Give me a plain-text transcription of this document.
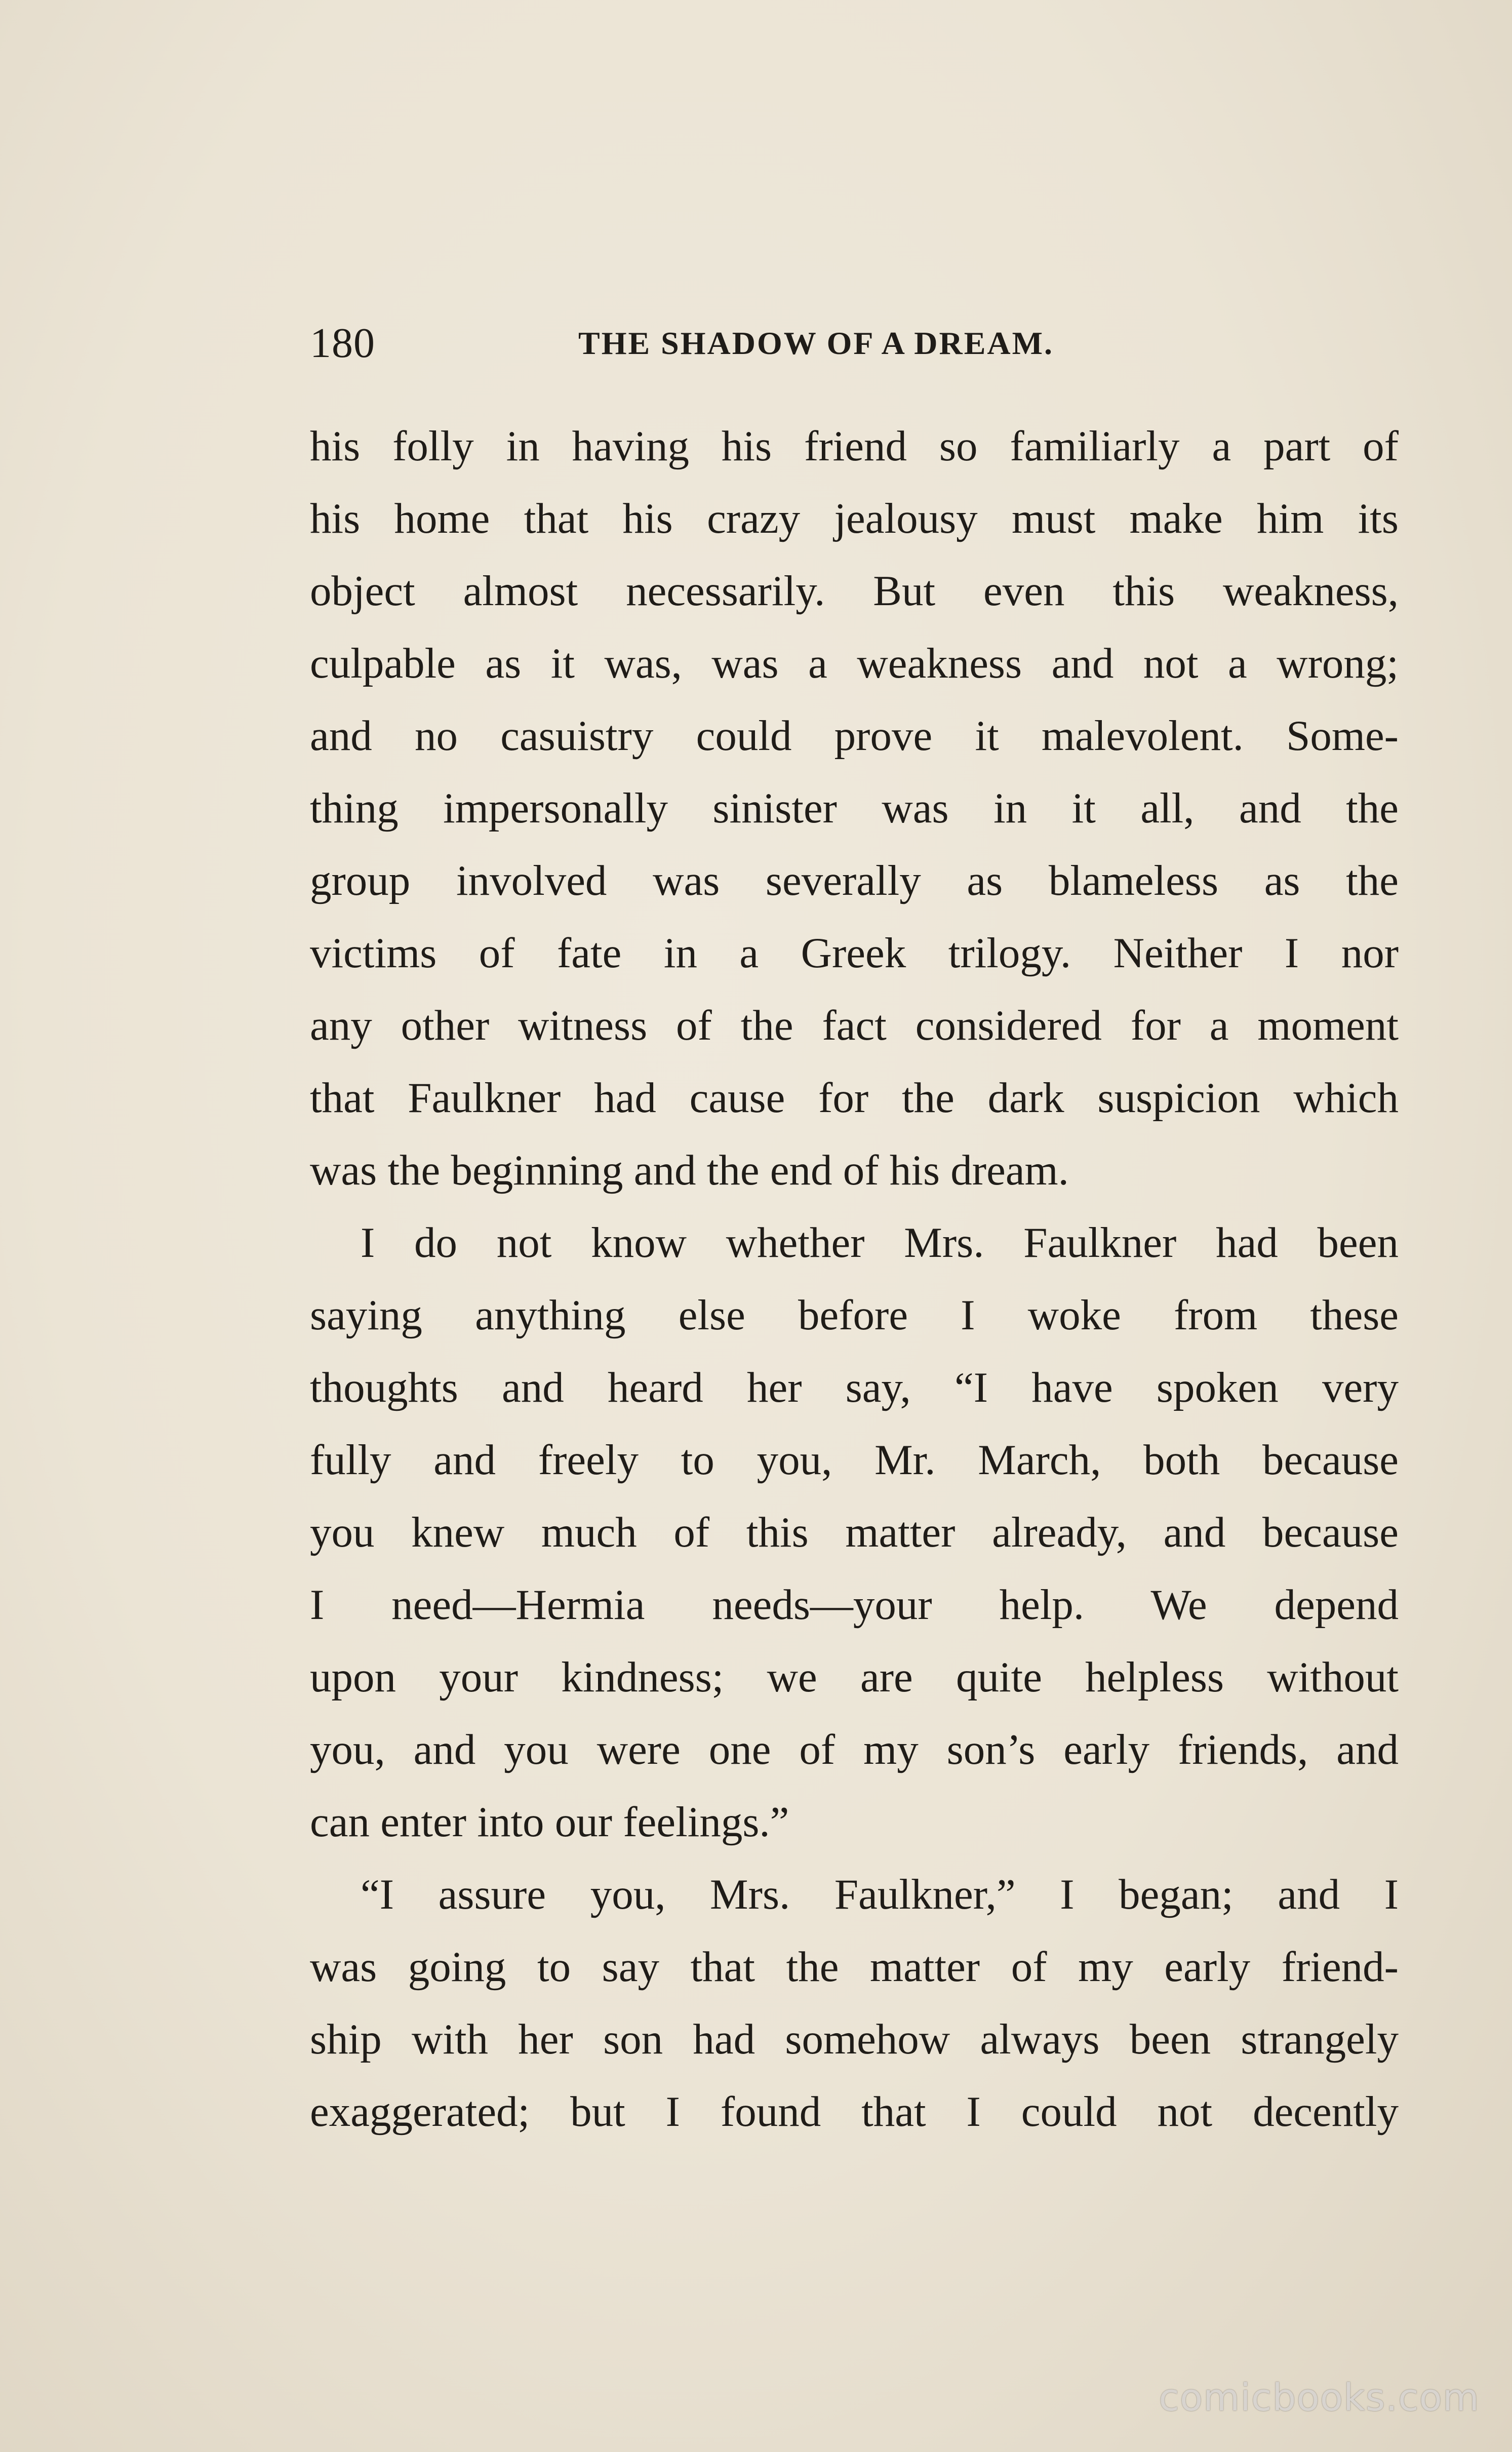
180	THE SHADOW OF A DREAM.
his folly in having his friend so familiarly a part of
his home that his crazy jealousy must make him its
object almost necessarily. But even this weakness,
culpable as it was, was a weakness and not a wrong;
and no casuistry could prove it malevolent. Some-
thing impersonally sinister was in it all, and the
group involved was severally as blameless as the
victims of fate in a Greek trilogy. Neither I nor
any other witness of the fact considered for a moment
that Faulkner had cause for the dark suspicion which
was the beginning and the end of his dream.
I do not know whether Mrs. Faulkner had been
saying anything else before I woke from these
thoughts and heard her say, “I have spoken very
fully and freely to you, Mr. March, both because
you knew much of this matter already, and because
I need—Hermia needs—your help. We depend
upon your kindness; we are quite helpless without
you, and you were one of my son’s early friends, and
can enter into our feelings.”
“I assure you, Mrs. Faulkner,” I began; and I
was going to say that the matter of my early friend-
ship with her son had somehow always been strangely
exaggerated; but I found that I could not decently
comicbooks.com
